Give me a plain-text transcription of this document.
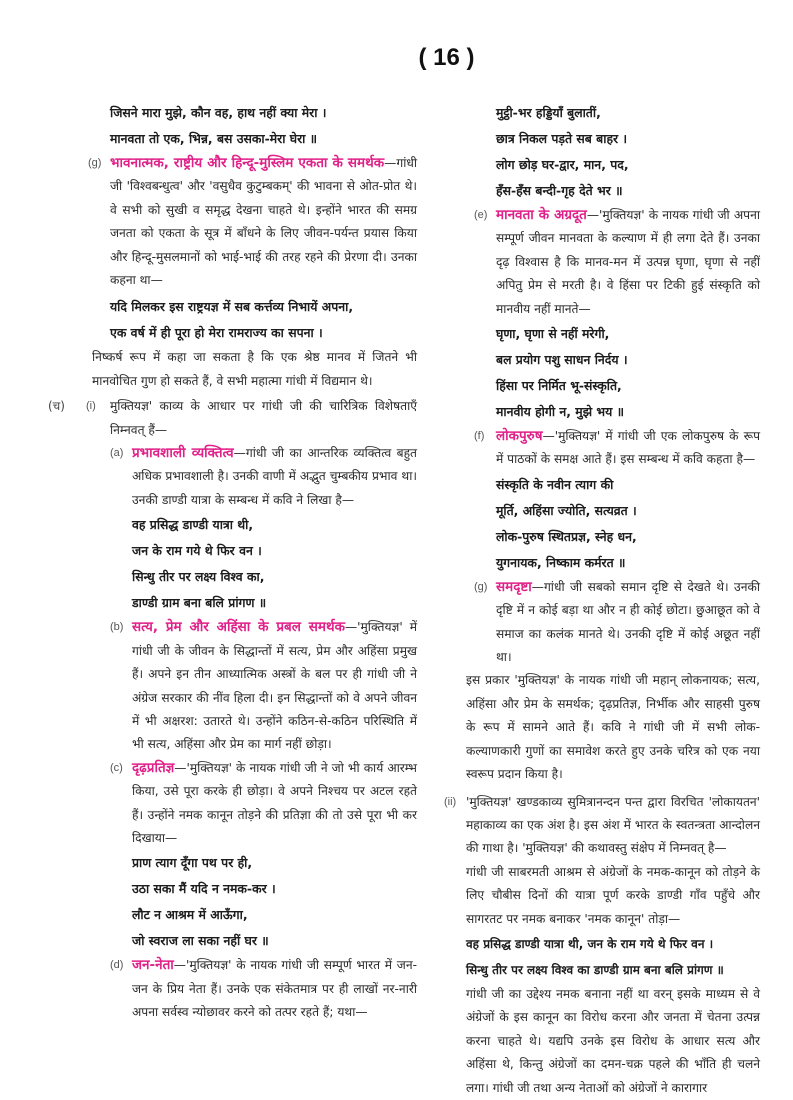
( 16 )
जिसने मारा मुझे, कौन वह, हाथ नहीं क्या मेरा ।
मानवता तो एक, भिन्न, बस उसका-मेरा घेरा ॥
(g) भावनात्मक, राष्ट्रीय और हिन्दू-मुस्लिम एकता के समर्थक—गांधी जी 'विश्वबन्धुत्व' और 'वसुधैव कुटुम्बकम्' की भावना से ओत-प्रोत थे। वे सभी को सुखी व समृद्ध देखना चाहते थे। इन्होंने भारत की समग्र जनता को एकता के सूत्र में बाँधने के लिए जीवन-पर्यन्त प्रयास किया और हिन्दू-मुसलमानों को भाई-भाई की तरह रहने की प्रेरणा दी। उनका कहना था—

यदि मिलकर इस राष्ट्रयज्ञ में सब कर्त्तव्य निभायें अपना,
एक वर्ष में ही पूरा हो मेरा रामराज्य का सपना ।

निष्कर्ष रूप में कहा जा सकता है कि एक श्रेष्ठ मानव में जितने भी मानवोचित गुण हो सकते हैं, वे सभी महात्मा गांधी में विद्यमान थे।

(च) (i) मुक्तियज्ञ' काव्य के आधार पर गांधी जी की चारित्रिक विशेषताएँ निम्नवत् हैं—

(a) प्रभावशाली व्यक्तित्व—गांधी जी का आन्तरिक व्यक्तित्व बहुत अधिक प्रभावशाली है। उनकी वाणी में अद्भुत चुम्बकीय प्रभाव था। उनकी डाण्डी यात्रा के सम्बन्ध में कवि ने लिखा है—

वह प्रसिद्ध डाण्डी यात्रा थी,
जन के राम गये थे फिर वन ।
सिन्धु तीर पर लक्ष्य विश्व का,
डाण्डी ग्राम बना बलि प्रांगण ॥
(b) सत्य, प्रेम और अहिंसा के प्रबल समर्थक—'मुक्तियज्ञ' में गांधी जी के जीवन के सिद्धान्तों में सत्य, प्रेम और अहिंसा प्रमुख हैं। अपने इन तीन आध्यात्मिक अस्त्रों के बल पर ही गांधी जी ने अंग्रेज सरकार की नींव हिला दी। इन सिद्धान्तों को वे अपने जीवन में भी अक्षरश: उतारते थे। उन्होंने कठिन-से-कठिन परिस्थिति में भी सत्य, अहिंसा और प्रेम का मार्ग नहीं छोड़ा।

(c) दृढ़प्रतिज्ञ—'मुक्तियज्ञ' के नायक गांधी जी ने जो भी कार्य आरम्भ किया, उसे पूरा करके ही छोड़ा। वे अपने निश्चय पर अटल रहते हैं। उन्होंने नमक कानून तोड़ने की प्रतिज्ञा की तो उसे पूरा भी कर दिखाया—

प्राण त्याग दूँगा पथ पर ही,
उठा सका मैं यदि न नमक-कर ।
लौट न आश्रम में आऊँगा,
जो स्वराज ला सका नहीं घर ॥
(d) जन-नेता—'मुक्तियज्ञ' के नायक गांधी जी सम्पूर्ण भारत में जन-जन के प्रिय नेता हैं। उनके एक संकेतमात्र पर ही लाखों नर-नारी अपना सर्वस्व न्योछावर करने को तत्पर रहते हैं; यथा—

मुट्ठी-भर हड्डियाँ बुलातीं,
छात्र निकल पड़ते सब बाहर ।
लोग छोड़ घर-द्वार, मान, पद,
हँस-हँस बन्दी-गृह देते भर ॥
(e) मानवता के अग्रदूत—'मुक्तियज्ञ' के नायक गांधी जी अपना सम्पूर्ण जीवन मानवता के कल्याण में ही लगा देते हैं। उनका दृढ़ विश्वास है कि मानव-मन में उत्पन्न घृणा, घृणा से नहीं अपितु प्रेम से मरती है। वे हिंसा पर टिकी हुई संस्कृति को मानवीय नहीं मानते—

घृणा, घृणा से नहीं मरेगी,
बल प्रयोग पशु साधन निर्दय ।
हिंसा पर निर्मित भू-संस्कृति,
मानवीय होगी न, मुझे भय ॥
(f) लोकपुरुष—'मुक्तियज्ञ' में गांधी जी एक लोकपुरुष के रूप में पाठकों के समक्ष आते हैं। इस सम्बन्ध में कवि कहता है—

संस्कृति के नवीन त्याग की
मूर्ति, अहिंसा ज्योति, सत्यव्रत ।
लोक-पुरुष स्थितप्रज्ञ, स्नेह धन,
युगनायक, निष्काम कर्मरत ॥
(g) समदृष्टा—गांधी जी सबको समान दृष्टि से देखते थे। उनकी दृष्टि में न कोई बड़ा था और न ही कोई छोटा। छुआछूत को वे समाज का कलंक मानते थे। उनकी दृष्टि में कोई अछूत नहीं था।

इस प्रकार 'मुक्तियज्ञ' के नायक गांधी जी महान् लोकनायक; सत्य, अहिंसा और प्रेम के समर्थक; दृढ़प्रतिज्ञ, निर्भीक और साहसी पुरुष के रूप में सामने आते हैं। कवि ने गांधी जी में सभी लोक-कल्याणकारी गुणों का समावेश करते हुए उनके चरित्र को एक नया स्वरूप प्रदान किया है।

(ii) 'मुक्तियज्ञ' खण्डकाव्य सुमित्रानन्दन पन्त द्वारा विरचित 'लोकायतन' महाकाव्य का एक अंश है। इस अंश में भारत के स्वतन्त्रता आन्दोलन की गाथा है। 'मुक्तियज्ञ' की कथावस्तु संक्षेप में निम्नवत् है—

गांधी जी साबरमती आश्रम से अंग्रेजों के नमक-कानून को तोड़ने के लिए चौबीस दिनों की यात्रा पूर्ण करके डाण्डी गाँव पहुँचे और सागरतट पर नमक बनाकर 'नमक कानून' तोड़ा—

वह प्रसिद्ध डाण्डी यात्रा थी, जन के राम गये थे फिर वन ।
सिन्धु तीर पर लक्ष्य विश्व का डाण्डी ग्राम बना बलि प्रांगण ॥

गांधी जी का उद्देश्य नमक बनाना नहीं था वरन् इसके माध्यम से वे अंग्रेजों के इस कानून का विरोध करना और जनता में चेतना उत्पन्न करना चाहते थे। यद्यपि उनके इस विरोध के आधार सत्य और अहिंसा थे, किन्तु अंग्रेजों का दमन-चक्र पहले की भाँति ही चलने लगा। गांधी जी तथा अन्य नेताओं को अंग्रेजों ने कारागार
